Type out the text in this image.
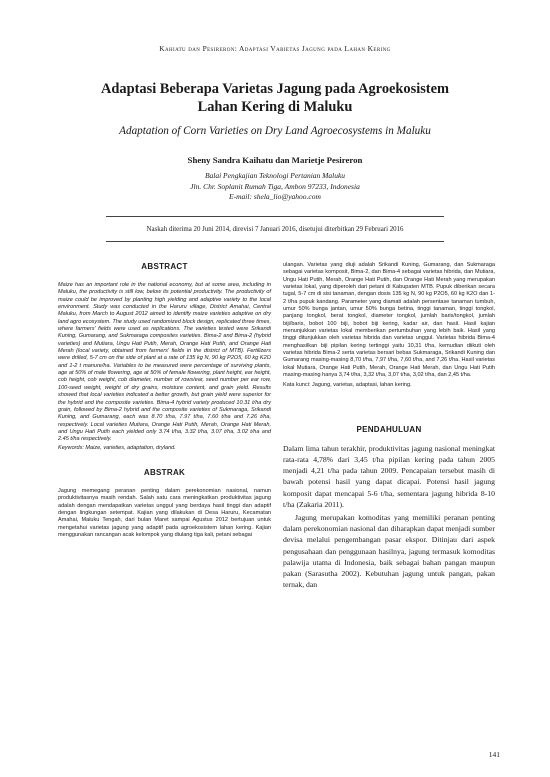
Kahiatu dan Pesireron: Adaptasi Varietas Jagung pada Lahan Kering
Adaptasi Beberapa Varietas Jagung pada Agroekosistem
Lahan Kering di Maluku
Adaptation of Corn Varieties on Dry Land Agroecosystems in Maluku
Sheny Sandra Kaihatu dan Marietje Pesireron
Balai Pengkajian Teknologi Pertanian Maluku
Jln. Chr. Soplanit Rumah Tiga, Ambon 97233, Indonesia
E-mail: shela_lio@yahoo.com
Naskah diterima 20 Juni 2014, direvisi 7 Januari 2016, disetujui diterbitkan 29 Februari 2016
ABSTRACT

Maize has an important role in the national economy, but at some area, including in Maluku, the productivity is still low, below its potential productivity. The productivity of maize could be improved by planting high yielding and adaptive variety to the local environment. Study was conducted in the Haruru village, District Amahai, Central Maluku, from March to August 2012 aimed to identify maize varieties adaptive on dry land agro ecosystem. The study used randomized block design, replicated three times, where farmers' fields were used as replications. The varieties tested were Srikandi Kuning, Gumarang, and Sukmaraga composites varieties. Bima-2 and Bima-2 (hybrid varieties) and Mutiara, Ungu Hati Putih, Merah, Orange Hati Putih, and Orange Hati Merah (local variety, obtained from farmers' fields in the district of MTB). Fertilizers were drilled, 5-7 cm on the side of plant at a rate of 135 kg N, 90 kg P2O5, 60 kg K2O and 1-2 t manure/ha. Variables to be measured were percentage of surviving plants, age at 50% of male flowering, age at 50% of female flowering, plant height, ear height, cob height, cob weight, cob diameter, number of rows/ear, seed number per ear row, 100-seed weight, weight of dry grains, moisture content, and grain yield. Results showed that local varieties indicated a better growth, but grain yield were superior for the hybrid and the composite varieties. Bima-4 hybrid variety produced 10.31 t/ha dry grain, followed by Bima-2 hybrid and the composite varieties of Sukmaraga, Srikandi Kuning, and Gumarang, each was 8.70 t/ha, 7.97 t/ha, 7.60 t/ha and 7.26 t/ha, respectively. Local varieties Mutiara, Orange Hati Putih, Merah, Orange Hati Merah, and Ungu Hati Putih each yielded only 3.74 t/ha, 3.32 t/ha, 3.07 t/ha, 3.02 t/ha and 2.45 t/ha respectively.

Keywords: Maize, varieties, adaptation, dryland.

ABSTRAK

Jagung memegang peranan penting dalam perekonomian nasional, namun produktivitasnya masih rendah. Salah satu cara meningkatkan produktivitas jagung adalah dengan mendapatkan varietas unggul yang berdaya hasil tinggi dan adaptif dengan lingkungan setempat. Kajian yang dilakukan di Desa Haruru, Kecamatan Amahai, Maluku Tengah, dari bulan Maret sampai Agustus 2012 bertujuan untuk mengetahui varietas jagung yang adaptif pada agroekosistem lahan kering. Kajian menggunakan rancangan acak kelompok yang diulang tiga kali, petani sebagai

ulangan. Varietas yang diuji adalah Srikandi Kuning, Gumarang, dan Sukmaraga sebagai varietas komposit, Bima-2, dan Bima-4 sebagai varietas hibrida, dan Mutiara, Ungu Hati Putih, Merah, Orange Hati Putih, dan Orange Hati Merah yang merupakan varietas lokal, yang diperoleh dari petani di Kabupaten MTB. Pupuk diberikan secara tugal, 5-7 cm di sisi tanaman, dengan dosis 135 kg N, 90 kg P2O5, 60 kg K2O dan 1-2 t/ha pupuk kandang. Parameter yang diamati adalah persentase tanaman tumbuh, umur 50% bunga jantan, umur 50% bunga betina, tinggi tanaman, tinggi tongkol, panjang tongkol, berat tongkol, diameter tongkol, jumlah baris/tongkol, jumlah biji/baris, bobot 100 biji, bobot biji kering, kadar air, dan hasil. Hasil kajian menunjukkan varietas lokal memberikan pertumbuhan yang lebih baik. Hasil yang tinggi ditunjukkan oleh varietas hibrida dan varietas unggul. Varietas hibrida Bima-4 menghasilkan biji pipilan kering tertinggi yaitu 10,31 t/ha, kemudian diikuti oleh varietas hibrida Bima-2 serta varietas bersari bebas Sukmaraga, Srikandi Kuning dan Gumarang masing-masing 8,70 t/ha, 7,97 t/ha, 7,60 t/ha, and 7,26 t/ha. Hasil varietas lokal Mutiara, Orange Hati Putih, Merah, Orange Hati Merah, dan Ungu Hati Putih masing-masing hanya 3,74 t/ha, 3,32 t/ha, 3,07 t/ha, 3,02 t/ha, dan 2,45 t/ha.

Kata kunci: Jagung, varietas, adaptasi, lahan kering.

PENDAHULUAN

Dalam lima tahun terakhir, produktivitas jagung nasional meningkat rata-rata 4,78% dari 3,45 t/ha pipilan kering pada tahun 2005 menjadi 4,21 t/ha pada tahun 2009. Pencapaian tersebut masih di bawah potensi hasil yang dapat dicapai. Potensi hasil jagung komposit dapat mencapai 5-6 t/ha, sementara jagung hibrida 8-10 t/ha (Zakaria 2011).

Jagung merupakan komoditas yang memiliki peranan penting dalam perekonomian nasional dan diharapkan dapat menjadi sumber devisa melalui pengembangan pasar ekspor. Ditinjau dari aspek pengusahaan dan penggunaan hasilnya, jagung termasuk komoditas palawija utama di Indonesia, baik sebagai bahan pangan maupun pakan (Sarasutha 2002). Kebutuhan jagung untuk pangan, pakan ternak, dan

141
